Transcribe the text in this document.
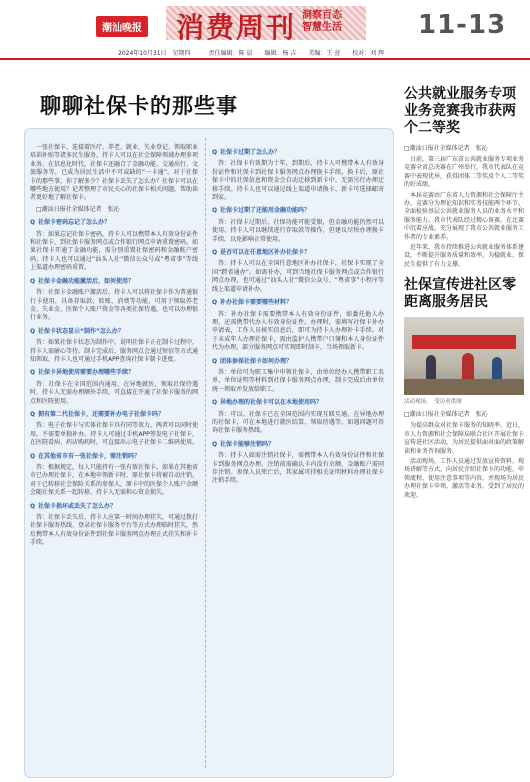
潮汕晚报 消费周刊 洞察百态
智慧生活	11-13
2024年10月31日　星期四　　　责任编辑：陈 晨　　编辑：杨 吉　　美编：王 萱　　校对：刘 辉
聊聊社保卡的那些事

一张社保卡，连接着医疗、养老、就业、失业登记、领取职业培训补贴等诸多民生服务，持卡人可以在社会保障领域办理多项业务。在信息化时代，社保卡还融合了金融功能、交通出行、文旅服务等，已成为居民生活中不可或缺的“一卡通”。对于社保卡的那些事，你了解多少？社保卡丢失了怎么办？社保卡可以在哪些地方使用？记者整理了市民关心的社保卡相关问题，帮助读者更好地了解社保卡。

□潮汕日报社全媒体记者　张沁

Q 社保卡密码忘记了怎么办？

答：如果忘记社保卡密码，持卡人可以携带本人有效身份证件和社保卡，到社保卡服务网点或合作银行网点申请重置密码。如果社保卡开通了金融功能，需分别重置社保密码和金融账户密码，持卡人也可以通过“汕头人社”微信公众号或“粤省事”等线上渠道办理密码重置。

Q 社保卡金融功能激活后，如何使用？

答：社保卡金融账户激活后，持卡人可以将社保卡作为普通银行卡使用，具备存取款、转账、消费等功能，可用于领取养老金、失业金、医保个人账户资金等各类社保待遇，也可以办理银行业务。

Q 社保卡状态显示“制作”怎么办？

答：如果社保卡状态为制作中，说明社保卡正在制卡过程中，持卡人需耐心等待。制卡完成后，服务网点会通过短信等方式通知领取，持卡人也可通过手机APP查询社保卡制卡进度。

Q 社保卡异地使用需要办理哪些手续？

答：社保卡在全国范围内通用，在异地就医、领取社保待遇时，持卡人无需办理额外手续，可直接在开通了社保卡服务的网点和医院使用。

Q 拥有第二代社保卡，还需要补办电子社保卡吗？

答：电子社保卡与实体社保卡具有同等效力，两者可以同时使用，不需要单独补办。持卡人可通过手机APP签发电子社保卡，在医院看病、药店购药时，可直接出示电子社保卡二维码使用。

Q 在其他省市有一张社保卡，需注销吗？

答：根据规定，每人只能持有一张有效社保卡。如果在其他省市已办理社保卡，在本地申领新卡时，原社保卡将被自动注销。对于已转移社会保险关系的参保人，原卡中的医保个人账户余额会随社保关系一起转移，持卡人无需担心资金损失。

Q 社保卡损坏或丢失了怎么办？

答：社保卡丢失后，持卡人应第一时间办理挂失，可通过拨打社保卡服务热线、登录社保卡服务平台等方式办理临时挂失，然后携带本人有效身份证件到社保卡服务网点办理正式挂失和补卡手续。

Q 社保卡过期了怎么办？

答：社保卡有效期为十年，到期后，持卡人可携带本人有效身份证件和社保卡到社保卡服务网点办理换卡手续。换卡后，原社保卡中的社保信息和资金会自动迁移到新卡中，无需另行办理迁移手续。持卡人也可以通过线上渠道申请换卡，新卡可选择邮寄到家。

Q 社保卡过期了还能用金融功能吗？

答：社保卡过期后，社保功能可能受限，但金融功能仍然可以使用。持卡人可以继续进行存取款等操作，但建议尽快办理换卡手续，以免影响正常使用。

Q 是否可以在任意地区补办社保卡？

答：持卡人可以在全国任意地区补办社保卡，社保卡实现了全国“跨省通办”。如需补办，可到当地社保卡服务网点或合作银行网点办理，也可通过“汕头人社”微信公众号、“粤省事”小程序等线上渠道申请补办。

Q 补办社保卡需要哪些材料？

答：补办社保卡需要携带本人有效身份证件，如委托他人办理，还需携带代办人有效身份证件。办理时，需填写社保卡补办申请表，工作人员核实信息后，即可为持卡人办理补卡手续。对于未成年人办理社保卡，需由监护人携带户口簿和本人身份证件代为办理。部分服务网点可实现即时制卡，当场领取新卡。

Q 团体参保社保卡如何办理？

答：单位可为职工集中申领社保卡，由单位经办人携带职工名单、单位证明等材料到社保卡服务网点办理，制卡完成后由单位统一领取并发放给职工。

Q 异地办理的社保卡可以在本地使用吗？

答：可以。社保卡已在全国范围内实现互联互通，在异地办理的社保卡，可在本地进行就医结算、领取待遇等，如遇问题可咨询社保卡服务热线。

Q 社保卡能够注销吗？

答：持卡人如需注销社保卡，需携带本人有效身份证件和社保卡到服务网点办理。注销前需确认卡内没有余额，金融账户需同步注销。参保人员死亡后，其家属可持相关证明材料办理社保卡注销手续。

公共就业服务专项业务竞赛我市获两个二等奖
□潮汕日报社全媒体记者　张沁

日前，第三届广东省公共就业服务专项业务竞赛全省总决赛在广州举行，我市代表队在竞赛中表现优异，获得团体二等奖及个人二等奖的好成绩。

本届竞赛由广东省人力资源和社会保障厅主办，竞赛分为理论知识和实务技能两个环节，全面检验基层公共就业服务人员的业务水平和服务能力。我市代表队经过精心备赛，在比赛中沉着应战，充分展现了我市公共就业服务工作者的专业素养。

近年来，我市持续推进公共就业服务体系建设，不断提升服务质量和效率，为稳就业、保民生提供了有力支撑。

社保宣传进社区零距离服务居民
活动现场。　受访者供图
□潮汕日报社全媒体记者　张沁

为提高群众对社保卡服务的知晓率，近日，市人力资源和社会保障局联合社区开展社保卡宣传进社区活动，为居民提供面对面的政策解读和业务咨询服务。

活动现场，工作人员通过发放宣传资料、现场讲解等方式，向居民介绍社保卡的功能、申领流程、使用注意事项等内容，并现场为居民办理社保卡申领、激活等业务，受到了居民的欢迎。
